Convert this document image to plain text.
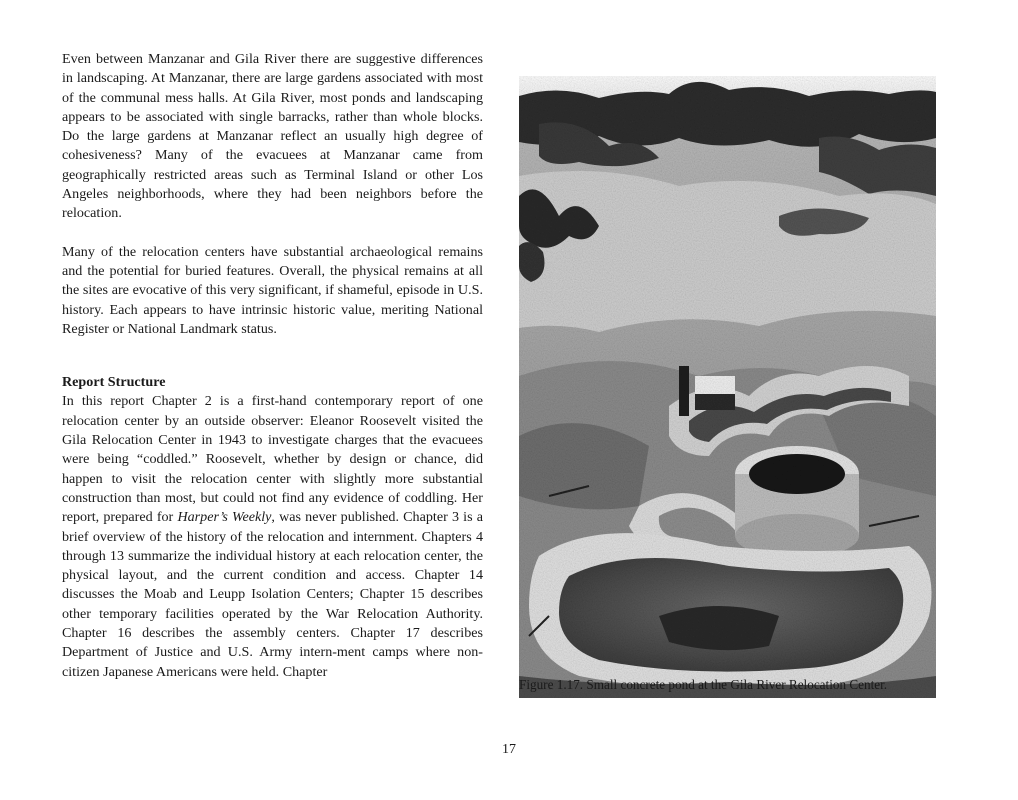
Even between Manzanar and Gila River there are suggestive differences in landscaping. At Manzanar, there are large gardens associated with most of the communal mess halls. At Gila River, most ponds and landscaping appears to be associated with single barracks, rather than whole blocks. Do the large gardens at Manzanar reflect an usually high degree of cohesiveness? Many of the evacuees at Manzanar came from geographically restricted areas such as Terminal Island or other Los Angeles neighborhoods, where they had been neighbors before the relocation.

Many of the relocation centers have substantial archaeological remains and the potential for buried features. Overall, the physical remains at all the sites are evocative of this very significant, if shameful, episode in U.S. history. Each appears to have intrinsic historic value, meriting National Register or National Landmark status.

Report Structure

In this report Chapter 2 is a first-hand contemporary report of one relocation center by an outside observer: Eleanor Roosevelt visited the Gila Relocation Center in 1943 to investigate charges that the evacuees were being “coddled.” Roosevelt, whether by design or chance, did happen to visit the relocation center with slightly more substantial construction than most, but could not find any evidence of coddling. Her report, prepared for Harper’s Weekly, was never published. Chapter 3 is a brief overview of the history of the relocation and internment. Chapters 4 through 13 summarize the individual history at each relocation center, the physical layout, and the current condition and access. Chapter 14 discusses the Moab and Leupp Isolation Centers; Chapter 15 describes other temporary facilities operated by the War Relocation Authority. Chapter 16 describes the assembly centers. Chapter 17 describes Department of Justice and U.S. Army intern-ment camps where non-citizen Japanese Americans were held. Chapter

Figure 1.17. Small concrete pond at the Gila River Relocation Center.
17
